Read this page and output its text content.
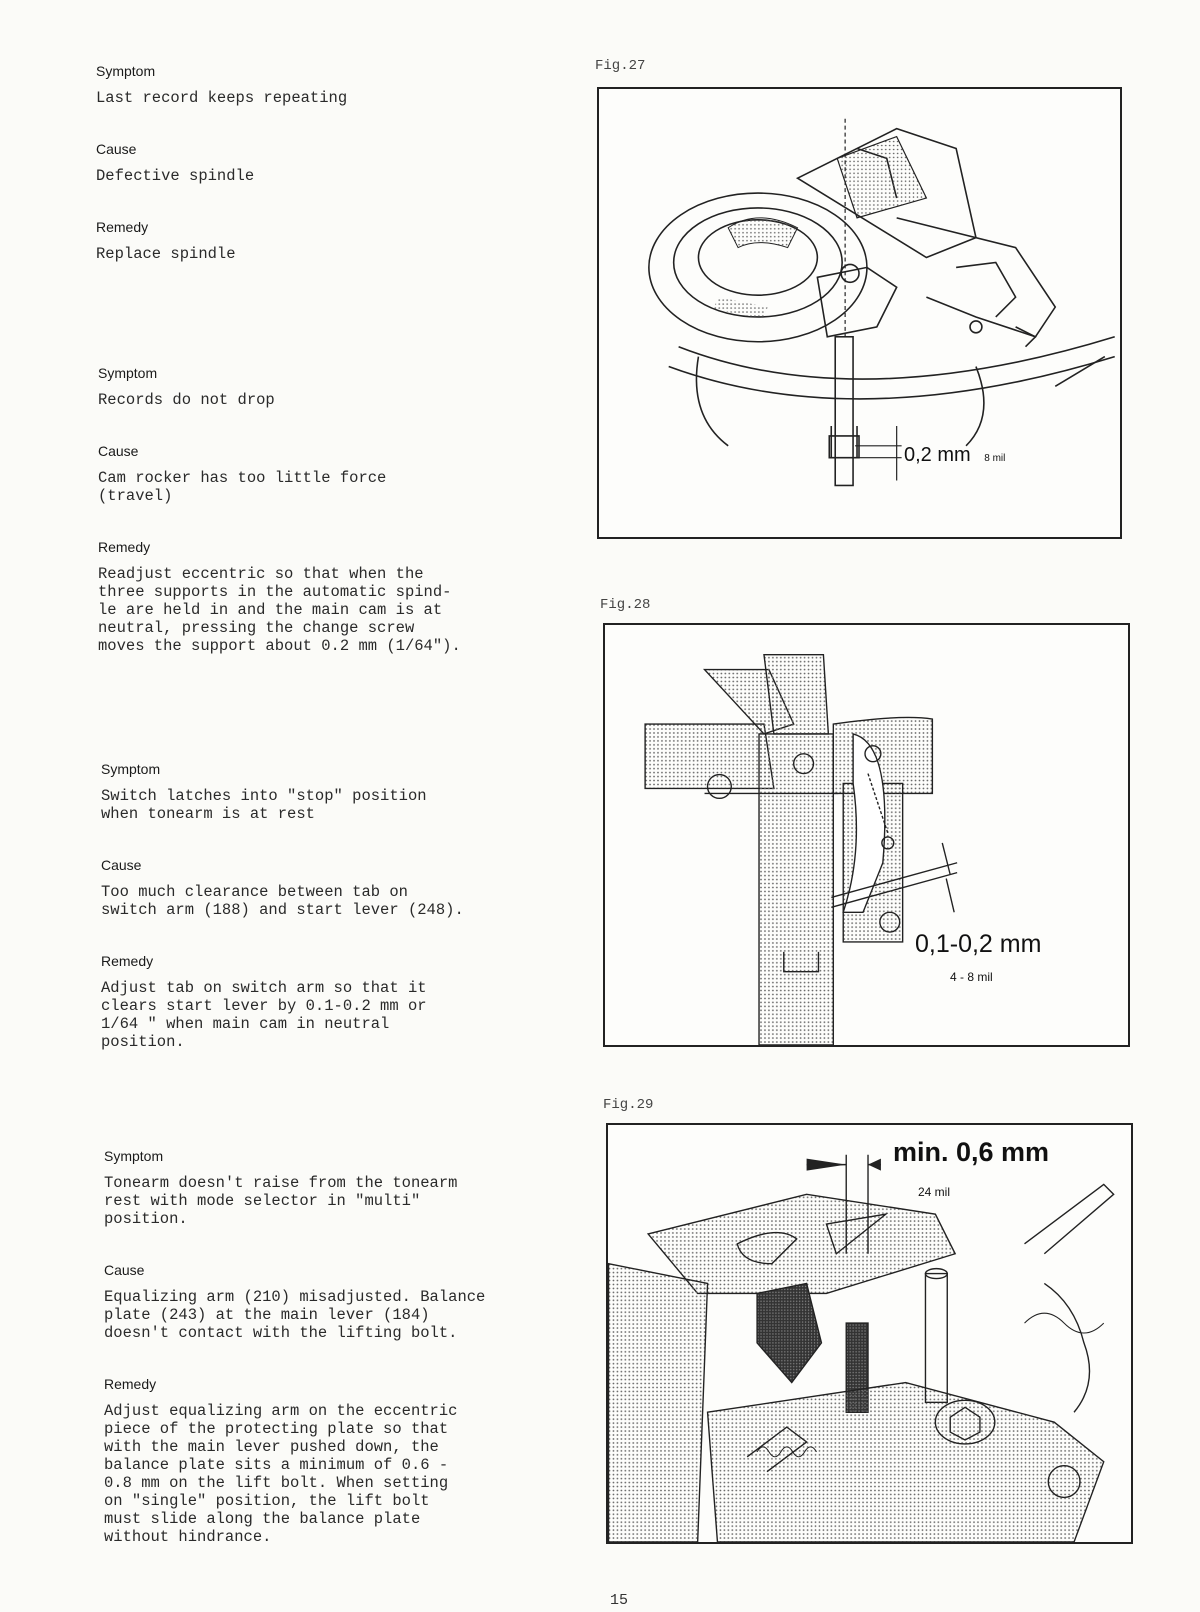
Symptom
Last record keeps repeating
Cause
Defective spindle
Remedy
Replace spindle
Symptom
Records do not drop
Cause
Cam rocker has too little force
(travel)
Remedy
Readjust eccentric so that when the
three supports in the automatic spind-
le are held in and the main cam is at
neutral, pressing the change screw
moves the support about 0.2 mm (1/64").
Symptom
Switch latches into "stop" position
when tonearm is at rest
Cause
Too much clearance between tab on
switch arm (188) and start lever (248).
Remedy
Adjust tab on switch arm so that it
clears start lever by 0.1-0.2 mm or
1/64 " when main cam in neutral
position.
Symptom
Tonearm doesn't raise from the tonearm
rest with mode selector in "multi"
position.
Cause
Equalizing arm (210) misadjusted. Balance
plate (243) at the main lever (184)
doesn't contact with the lifting bolt.
Remedy
Adjust equalizing arm on the eccentric
piece of the protecting plate so that
with the main lever pushed down, the
balance plate sits a minimum of 0.6 -
0.8 mm on the lift bolt. When setting
on "single" position, the lift bolt
must slide along the balance plate
without hindrance.
Fig.27
0,2 mm 8 mil
Fig.28
0,1-0,2 mm
4 - 8 mil
Fig.29
min. 0,6 mm
24 mil
15
